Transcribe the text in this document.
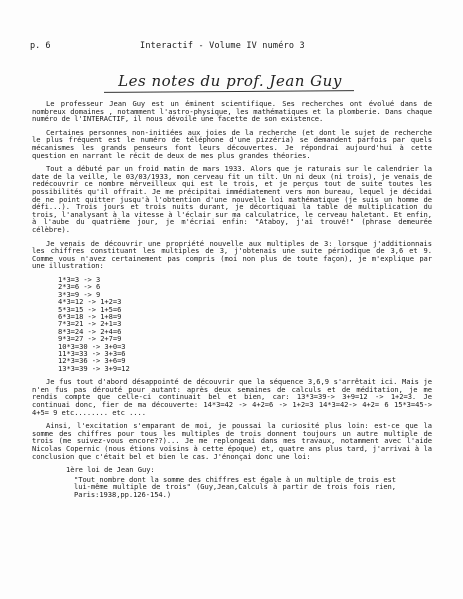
p. 6	Interactif - Volume IV numéro 3
Les notes du prof. Jean Guy

Le professeur Jean Guy est un éminent scientifique. Ses recherches ont évolué dans de nombreux domaines , notamment l'astro-physique, les mathématiques et la plomberie. Dans chaque numéro de l'INTERACTIF, il nous dévoile une facette de son existence.

Certaines personnes non-initiées aux joies de la recherche (et dont le sujet de recherche le plus fréquent est le numéro de téléphone d'une pizzéria) se demandent parfois par quels mécanismes les grands penseurs font leurs découvertes. Je répondrai aujourd'hui à cette question en narrant le récit de deux de mes plus grandes théories.

Tout a débuté par un froid matin de mars 1933. Alors que je raturais sur le calendrier la date de la veille, le 03/03/1933, mon cerveau fit un tilt. Un ni deux (ni trois), je venais de redécouvrir ce nombre mérveilleux qui est le trois, et je perçus tout de suite toutes les possibilités qu'il offrait. Je me précipitai immédiatement vers mon bureau, lequel je décidai de ne point quitter jusqu'à l'obtention d'une nouvelle loi mathématique (je suis un homme de défi...). Trois jours et trois nuits durant, je décortiquai la table de multiplication du trois, l'analysant à la vitesse à l'éclair sur ma calculatrice, le cerveau haletant. Et enfin, à l'aube du quatrième jour, je m'écriai enfin: "Ataboy, j'ai trouvé!" (phrase demeurée célèbre).

Je venais de découvrir une propriété nouvelle aux multiples de 3: lorsque j'additionnais les chiffres constituant les multiples de 3, j'obtenais une suite périodique de 3,6 et 9. Comme vous n'avez certainement pas compris (moi non plus de toute façon), je m'explique par une illustration:

1*3=3 -> 3
2*3=6 -> 6
3*3=9 -> 9
4*3=12 -> 1+2=3
5*3=15 -> 1+5=6
6*3=18 -> 1+8=9
7*3=21 -> 2+1=3
8*3=24 -> 2+4=6
9*3=27 -> 2+7=9
10*3=30 -> 3+0=3
11*3=33 -> 3+3=6
12*3=36 -> 3+6=9
13*3=39 -> 3+9=12

Je fus tout d'abord désappointé de découvrir que la séquence 3,6,9 s'arrêtait ici. Mais je n'en fus pas dérouté pour autant: après deux semaines de calculs et de méditation, je me rendis compte que celle-ci continuait bel et bien, car: 13*3=39-> 3+9=12 -> 1+2=3. Je continuai donc, fier de ma découverte: 14*3=42 -> 4+2=6 -> 1+2=3 14*3=42-> 4+2= 6 15*3=45-> 4+5= 9 etc........ etc ....

Ainsi, l'excitation s'emparant de moi, je poussai la curiosité plus loin: est-ce que la somme des chiffres pour tous les multiples de trois donnent toujours un autre multiple de trois (me suivez-vous encore??)... Je me replongeai dans mes travaux, notamment avec l'aide Nicolas Copernic (nous étions voisins à cette époque) et, quatre ans plus tard, j'arrivai à la conclusion que c'était bel et bien le cas. J'énonçai donc une loi:

1ère loi de Jean Guy:
"Tout nombre dont la somme des chiffres est égale à un multiple de trois est lui-même multiple de trois" (Guy,Jean,Calculs à partir de trois fois rien, Paris:1938,pp.126-154.)
